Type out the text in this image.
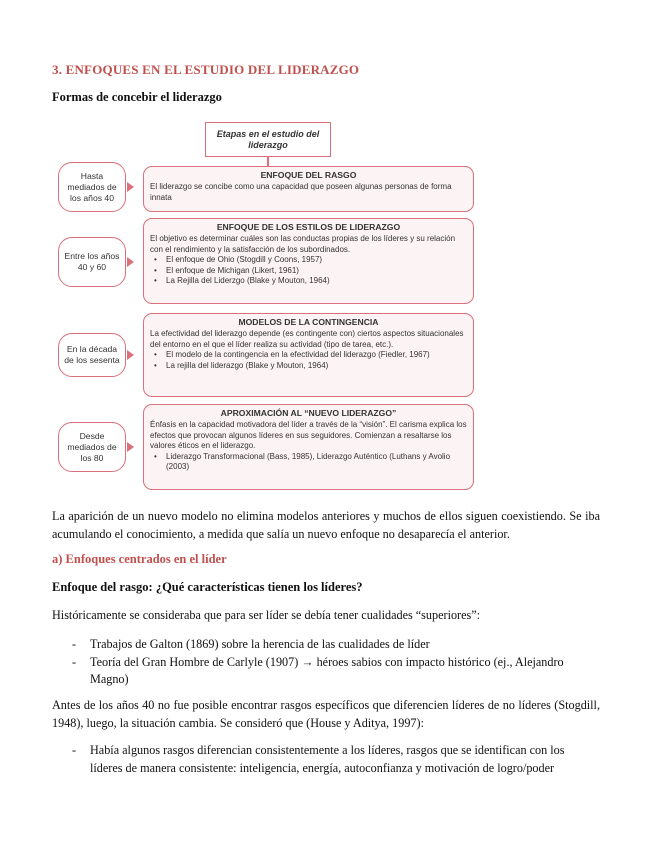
3. ENFOQUES EN EL ESTUDIO DEL LIDERAZGO
Formas de concebir el liderazgo
Etapas en el estudio del liderazgo
Hasta mediados de los años 40
ENFOQUE DEL RASGO
El liderazgo se concibe como una capacidad que poseen algunas personas de forma innata
Entre los años 40 y 60
ENFOQUE DE LOS ESTILOS DE LIDERAZGO
El objetivo es determinar cuáles son las conductas propias de los líderes y su relación con el rendimiento y la satisfacción de los subordinados.
• El enfoque de Ohio (Stogdill y Coons, 1957)
• El enfoque de Michigan (Likert, 1961)
• La Rejilla del Liderzgo (Blake y Mouton, 1964)
En la década de los sesenta
MODELOS DE LA CONTINGENCIA
La efectividad del liderazgo depende (es contingente con) ciertos aspectos situacionales del entorno en el que el líder realiza su actividad (tipo de tarea, etc.).
• El modelo de la contingencia en la efectividad del liderazgo (Fiedler, 1967)
• La rejilla del liderazgo (Blake y Mouton, 1964)
Desde mediados de los 80
APROXIMACIÓN AL “NUEVO LIDERAZGO”
Énfasis en la capacidad motivadora del líder a través de la “visión”. El carisma explica los efectos que provocan algunos líderes en sus seguidores. Comienzan a resaltarse los valores éticos en el liderazgo.
• Liderazgo Transformacional (Bass, 1985), Liderazgo Auténtico (Luthans y Avolio (2003)
La aparición de un nuevo modelo no elimina modelos anteriores y muchos de ellos siguen coexistiendo. Se iba acumulando el conocimiento, a medida que salía un nuevo enfoque no desaparecía el anterior.
a) Enfoques centrados en el líder
Enfoque del rasgo: ¿Qué características tienen los líderes?
Históricamente se consideraba que para ser líder se debía tener cualidades “superiores”:
- Trabajos de Galton (1869) sobre la herencia de las cualidades de líder
- Teoría del Gran Hombre de Carlyle (1907) → héroes sabios con impacto histórico (ej., Alejandro Magno)
Antes de los años 40 no fue posible encontrar rasgos específicos que diferencien líderes de no líderes (Stogdill, 1948), luego, la situación cambia. Se consideró que (House y Aditya, 1997):
- Había algunos rasgos diferencian consistentemente a los líderes, rasgos que se identifican con los líderes de manera consistente: inteligencia, energía, autoconfianza y motivación de logro/poder
